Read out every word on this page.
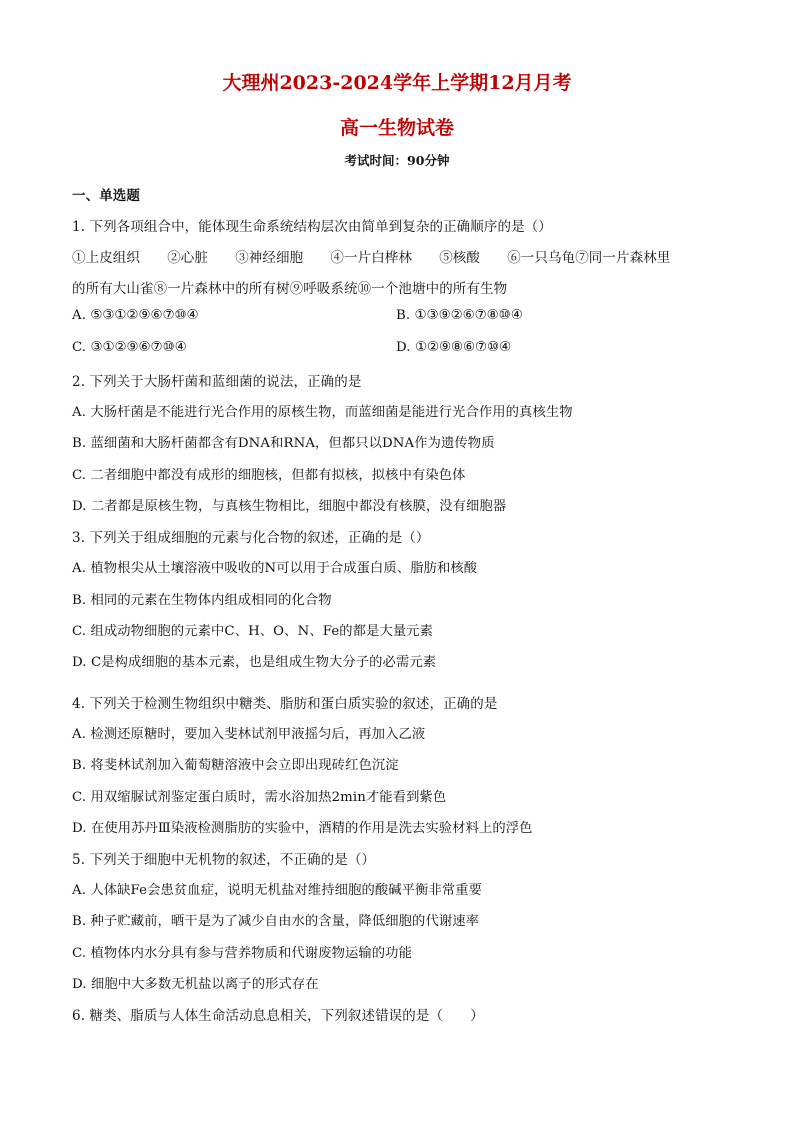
大理州2023-2024学年上学期12月月考
高一生物试卷
考试时间：90分钟
一、单选题
1. 下列各项组合中，能体现生命系统结构层次由简单到复杂的正确顺序的是（）
①上皮组织　　②心脏　　③神经细胞　　④一片白桦林　　⑤核酸　　⑥一只乌龟⑦同一片森林里
的所有大山雀⑧一片森林中的所有树⑨呼吸系统⑩一个池塘中的所有生物
A. ⑤③①②⑨⑥⑦⑩④	B. ①③⑨②⑥⑦⑧⑩④
C. ③①②⑨⑥⑦⑩④	D. ①②⑨⑧⑥⑦⑩④
2. 下列关于大肠杆菌和蓝细菌的说法，正确的是
A. 大肠杆菌是不能进行光合作用的原核生物，而蓝细菌是能进行光合作用的真核生物
B. 蓝细菌和大肠杆菌都含有DNA和RNA，但都只以DNA作为遗传物质
C. 二者细胞中都没有成形的细胞核，但都有拟核，拟核中有染色体
D. 二者都是原核生物，与真核生物相比，细胞中都没有核膜，没有细胞器
3. 下列关于组成细胞的元素与化合物的叙述，正确的是（）
A. 植物根尖从土壤溶液中吸收的N可以用于合成蛋白质、脂肪和核酸
B. 相同的元素在生物体内组成相同的化合物
C. 组成动物细胞的元素中C、H、O、N、Fe的都是大量元素
D. C是构成细胞的基本元素，也是组成生物大分子的必需元素
4. 下列关于检测生物组织中糖类、脂肪和蛋白质实验的叙述，正确的是
A. 检测还原糖时，要加入斐林试剂甲液摇匀后，再加入乙液
B. 将斐林试剂加入葡萄糖溶液中会立即出现砖红色沉淀
C. 用双缩脲试剂鉴定蛋白质时，需水浴加热2min才能看到紫色
D. 在使用苏丹Ⅲ染液检测脂肪的实验中，酒精的作用是洗去实验材料上的浮色
5. 下列关于细胞中无机物的叙述，不正确的是（）
A. 人体缺Fe会患贫血症，说明无机盐对维持细胞的酸碱平衡非常重要
B. 种子贮藏前，晒干是为了减少自由水的含量，降低细胞的代谢速率
C. 植物体内水分具有参与营养物质和代谢废物运输的功能
D. 细胞中大多数无机盐以离子的形式存在
6. 糖类、脂质与人体生命活动息息相关，下列叙述错误的是（　　）
